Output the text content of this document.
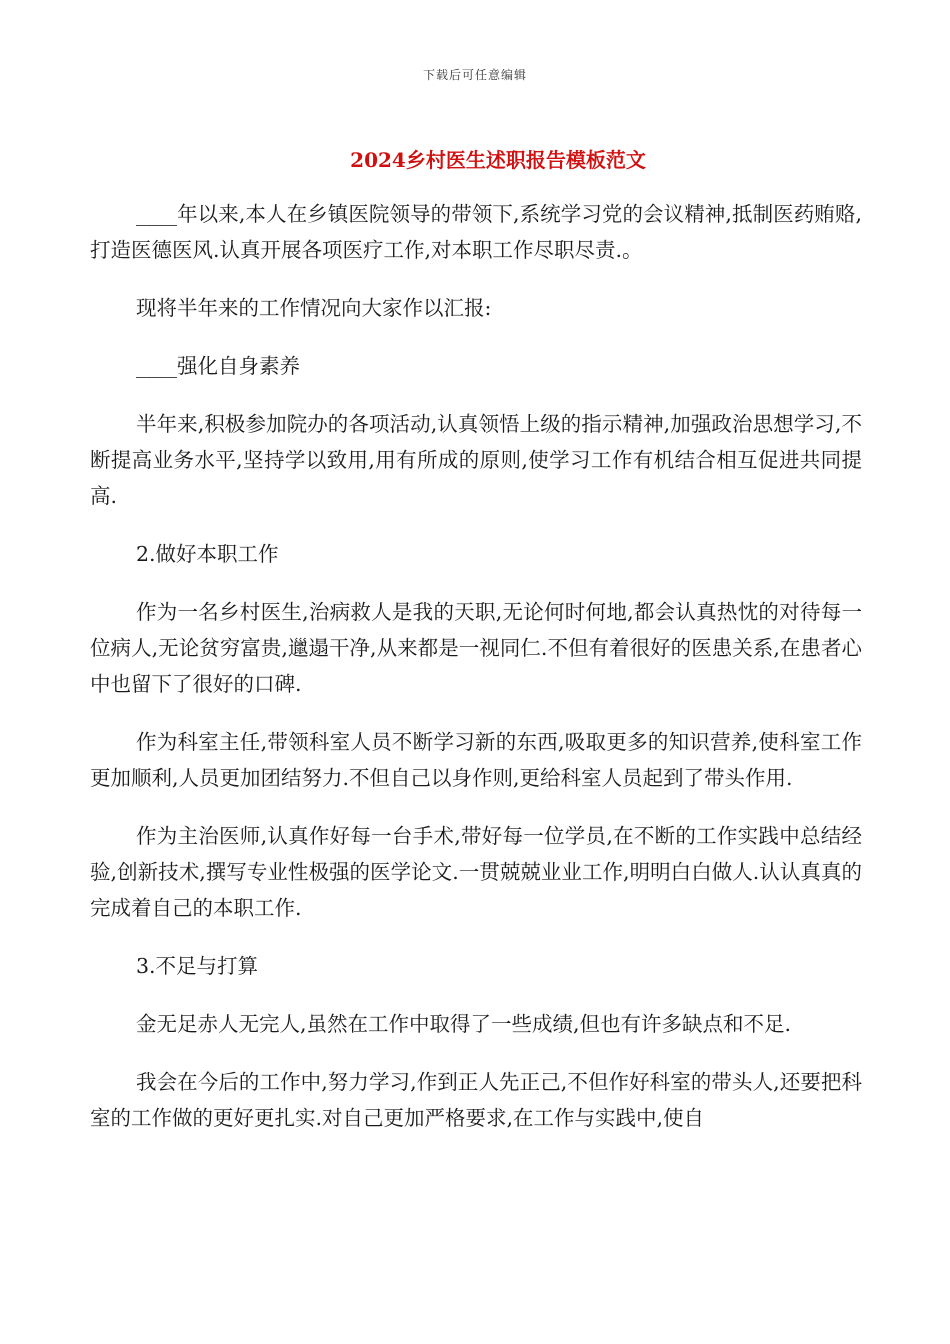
下载后可任意编辑
2024乡村医生述职报告模板范文

____年以来,本人在乡镇医院领导的带领下,系统学习党的会议精神,抵制医药贿赂,打造医德医风.认真开展各项医疗工作,对本职工作尽职尽责.。

现将半年来的工作情况向大家作以汇报:

____强化自身素养

半年来,积极参加院办的各项活动,认真领悟上级的指示精神,加强政治思想学习,不断提高业务水平,坚持学以致用,用有所成的原则,使学习工作有机结合相互促进共同提高.

2.做好本职工作

作为一名乡村医生,治病救人是我的天职,无论何时何地,都会认真热忱的对待每一位病人,无论贫穷富贵,邋遢干净,从来都是一视同仁.不但有着很好的医患关系,在患者心中也留下了很好的口碑.

作为科室主任,带领科室人员不断学习新的东西,吸取更多的知识营养,使科室工作更加顺利,人员更加团结努力.不但自己以身作则,更给科室人员起到了带头作用.

作为主治医师,认真作好每一台手术,带好每一位学员,在不断的工作实践中总结经验,创新技术,撰写专业性极强的医学论文.一贯兢兢业业工作,明明白白做人.认认真真的完成着自己的本职工作.

3.不足与打算

金无足赤人无完人,虽然在工作中取得了一些成绩,但也有许多缺点和不足.

我会在今后的工作中,努力学习,作到正人先正己,不但作好科室的带头人,还要把科室的工作做的更好更扎实.对自己更加严格要求,在工作与实践中,使自
